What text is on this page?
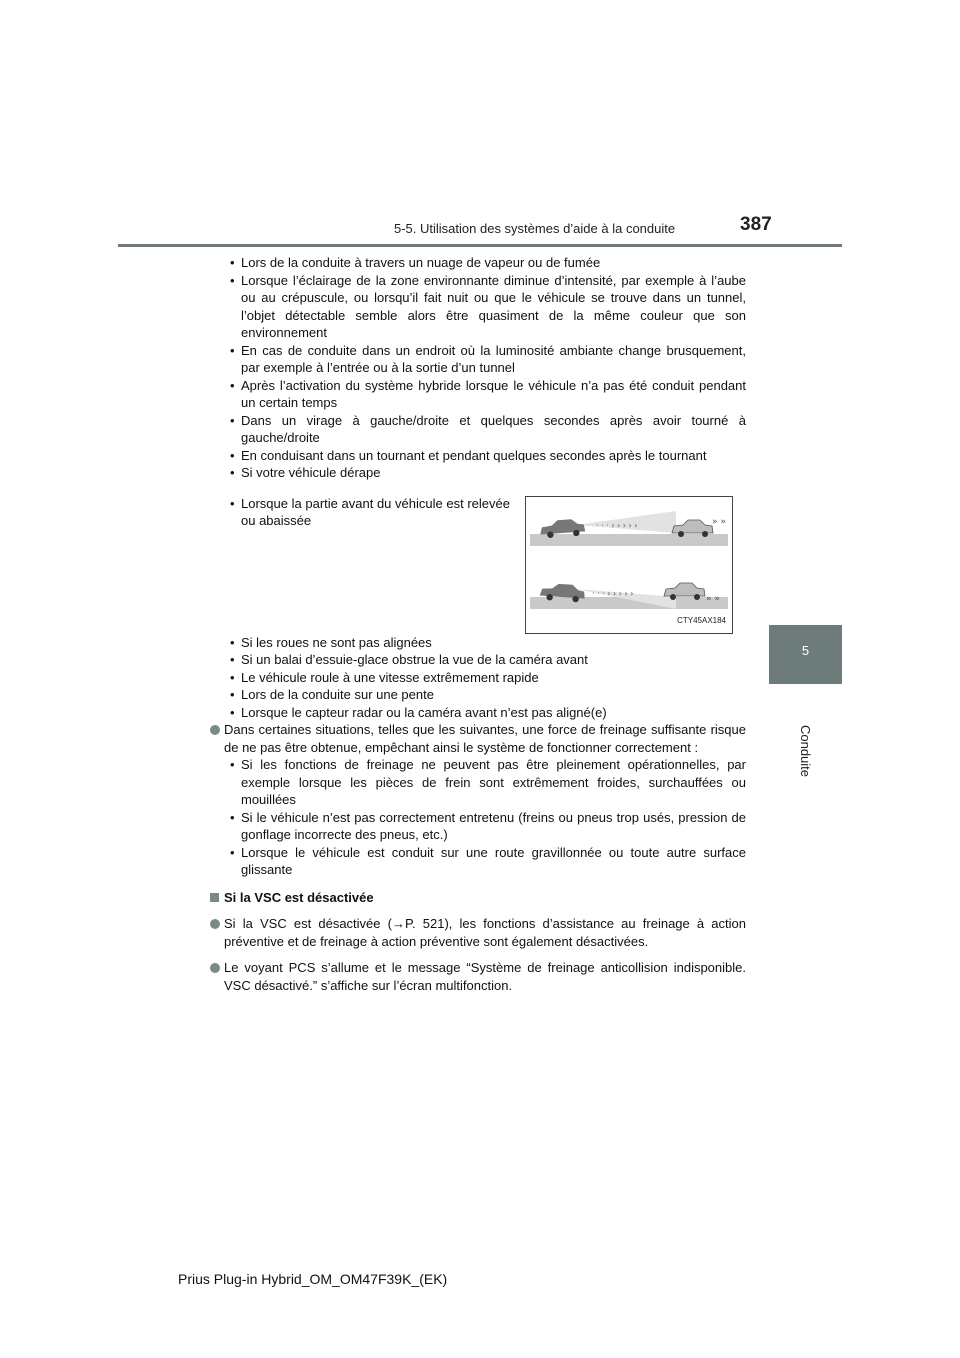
5-5. Utilisation des systèmes d’aide à la conduite	387
5
Conduite
• Lors de la conduite à travers un nuage de vapeur ou de fumée
• Lorsque l’éclairage de la zone environnante diminue d’intensité, par exemple à l’aube ou au crépuscule, ou lorsqu’il fait nuit ou que le véhicule se trouve dans un tunnel, l’objet détectable semble alors être quasiment de la même couleur que son environnement
• En cas de conduite dans un endroit où la luminosité ambiante change brusquement, par exemple à l’entrée ou à la sortie d’un tunnel
• Après l’activation du système hybride lorsque le véhicule n’a pas été conduit pendant un certain temps
• Dans un virage à gauche/droite et quelques secondes après avoir tourné à gauche/droite
• En conduisant dans un tournant et pendant quelques secondes après le tournant
• Si votre véhicule dérape
• Lorsque la partie avant du véhicule est relevée ou abaissée	· · · › › › › ›	» »
· · · › › › › ›
» »
CTY45AX184
• Si les roues ne sont pas alignées
• Si un balai d’essuie-glace obstrue la vue de la caméra avant
• Le véhicule roule à une vitesse extrêmement rapide
• Lors de la conduite sur une pente
• Lorsque le capteur radar ou la caméra avant n’est pas aligné(e)
Dans certaines situations, telles que les suivantes, une force de freinage suffisante risque de ne pas être obtenue, empêchant ainsi le système de fonctionner correctement :
• Si les fonctions de freinage ne peuvent pas être pleinement opérationnelles, par exemple lorsque les pièces de frein sont extrêmement froides, surchauffées ou mouillées
• Si le véhicule n’est pas correctement entretenu (freins ou pneus trop usés, pression de gonflage incorrecte des pneus, etc.)
• Lorsque le véhicule est conduit sur une route gravillonnée ou toute autre surface glissante
Si la VSC est désactivée
Si la VSC est désactivée (→P. 521), les fonctions d’assistance au freinage à action préventive et de freinage à action préventive sont également désactivées.
Le voyant PCS s’allume et le message “Système de freinage anticollision indisponible. VSC désactivé.” s’affiche sur l’écran multifonction.
Prius Plug-in Hybrid_OM_OM47F39K_(EK)
